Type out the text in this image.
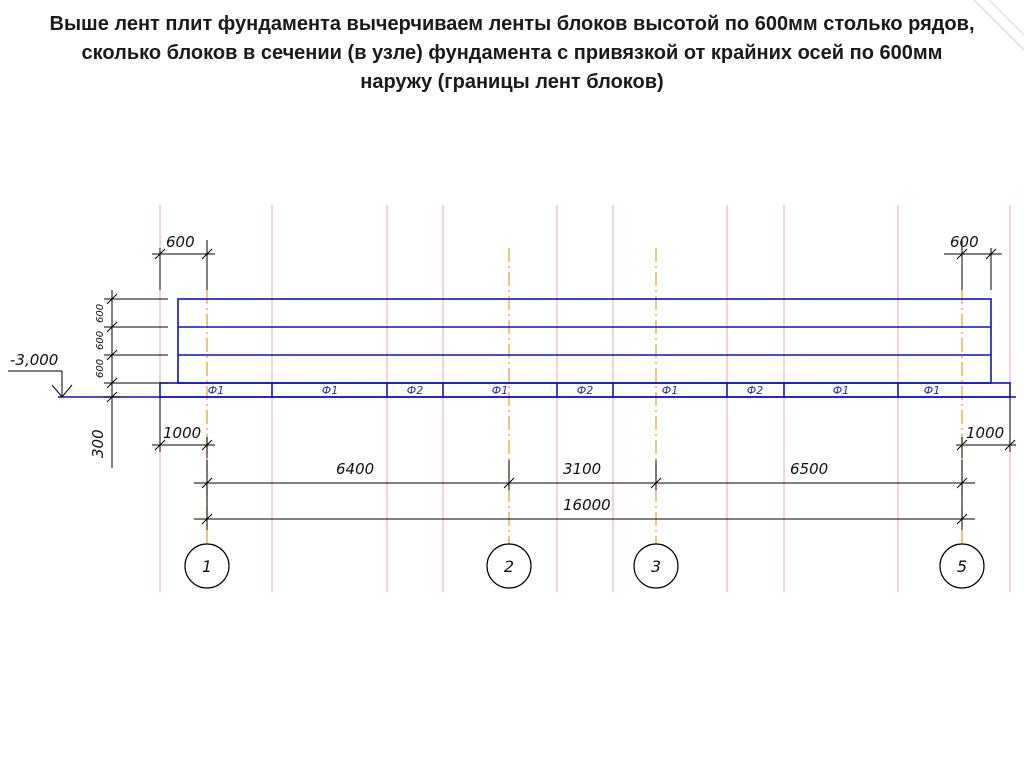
Выше лент плит фундамента вычерчиваем ленты блоков высотой по 600мм столько рядов,
сколько блоков в сечении (в узле) фундамента с привязкой от крайних осей по 600мм
наружу (границы лент блоков)
Ф1	Ф1	Ф2	Ф1	Ф2	Ф1	Ф2	Ф1	Ф1
-3,000
600
600
600
300
600	600
1000	1000
6400	3100	6500
16000
1	2	3	5
